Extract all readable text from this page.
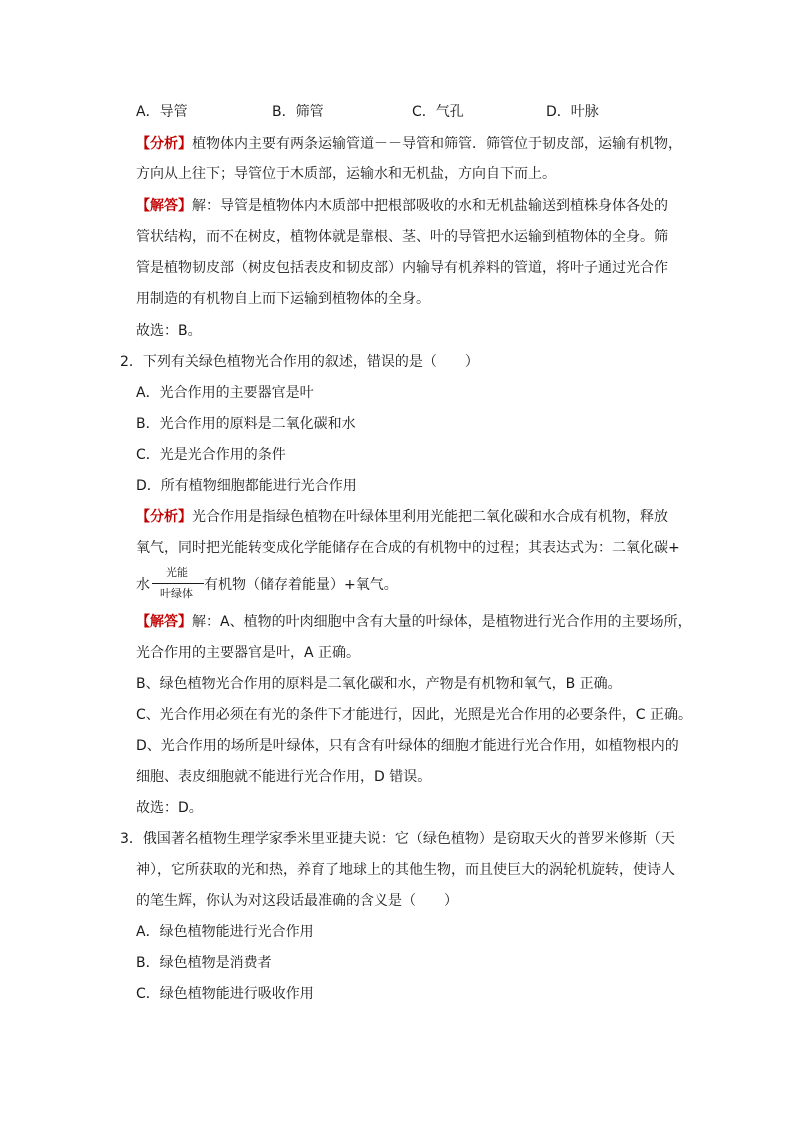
A．导管	B．筛管	C．气孔	D．叶脉
【分析】植物体内主要有两条运输管道－－导管和筛管．筛管位于韧皮部，运输有机物，
方向从上往下；导管位于木质部，运输水和无机盐，方向自下而上。
【解答】解：导管是植物体内木质部中把根部吸收的水和无机盐输送到植株身体各处的
管状结构，而不在树皮，植物体就是靠根、茎、叶的导管把水运输到植物体的全身。筛
管是植物韧皮部（树皮包括表皮和韧皮部）内输导有机养料的管道，将叶子通过光合作
用制造的有机物自上而下运输到植物体的全身。
故选：B。
2．下列有关绿色植物光合作用的叙述，错误的是（　　）
A．光合作用的主要器官是叶
B．光合作用的原料是二氧化碳和水
C．光是光合作用的条件
D．所有植物细胞都能进行光合作用
【分析】光合作用是指绿色植物在叶绿体里利用光能把二氧化碳和水合成有机物，释放
氧气，同时把光能转变成化学能储存在合成的有机物中的过程；其表达式为：二氧化碳+
水
光能
叶绿体
有机物（储存着能量）+氧气。
【解答】解：A、植物的叶肉细胞中含有大量的叶绿体，是植物进行光合作用的主要场所，
光合作用的主要器官是叶，A 正确。
B、绿色植物光合作用的原料是二氧化碳和水，产物是有机物和氧气，B 正确。
C、光合作用必须在有光的条件下才能进行，因此，光照是光合作用的必要条件，C 正确。
D、光合作用的场所是叶绿体，只有含有叶绿体的细胞才能进行光合作用，如植物根内的
细胞、表皮细胞就不能进行光合作用，D 错误。
故选：D。
3．俄国著名植物生理学家季米里亚捷夫说：它（绿色植物）是窃取天火的普罗米修斯（天
神），它所获取的光和热，养育了地球上的其他生物，而且使巨大的涡轮机旋转，使诗人
的笔生辉，你认为对这段话最准确的含义是（　　）
A．绿色植物能进行光合作用
B．绿色植物是消费者
C．绿色植物能进行吸收作用
